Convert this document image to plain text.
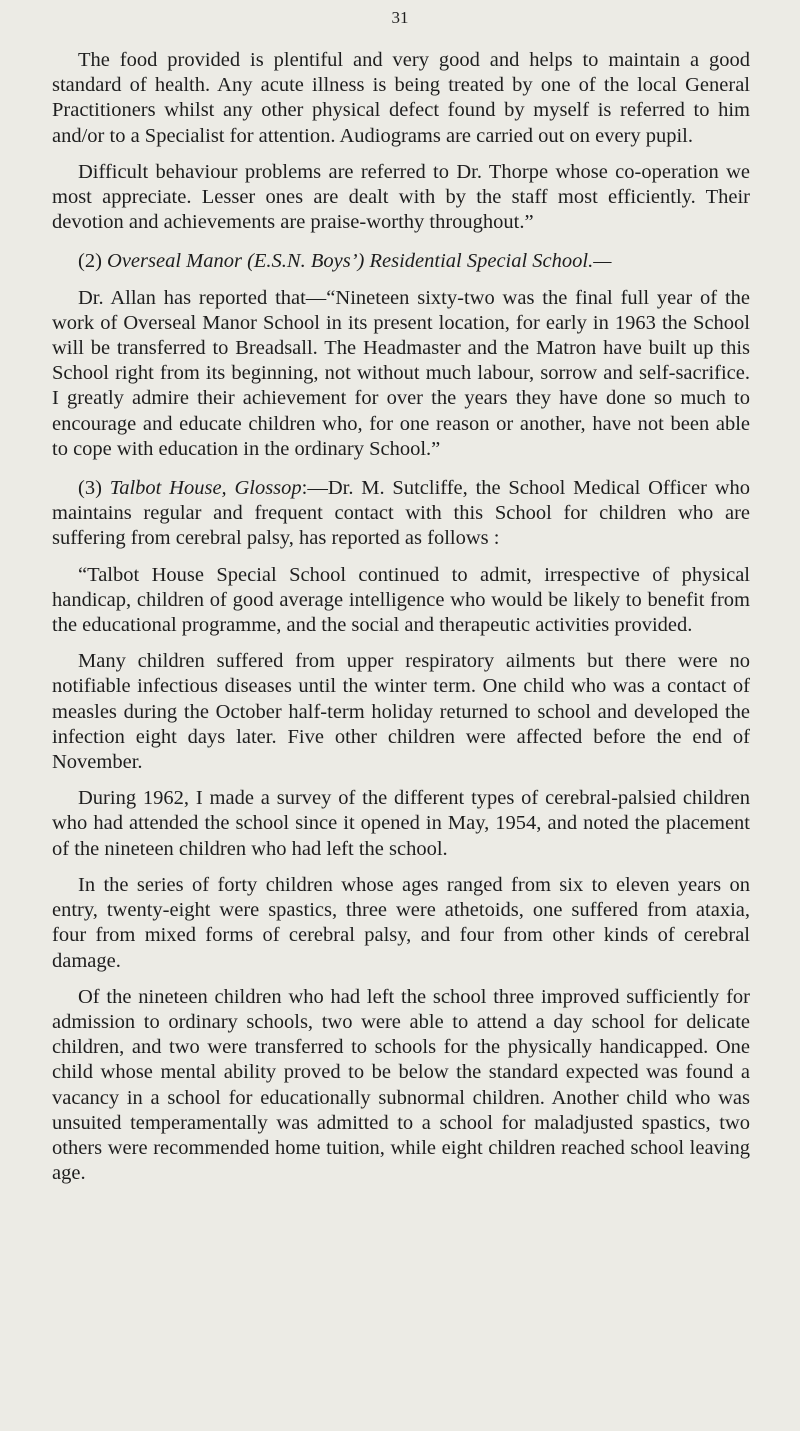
31

The food provided is plentiful and very good and helps to maintain a good standard of health. Any acute illness is being treated by one of the local General Practitioners whilst any other physical defect found by myself is referred to him and/or to a Specialist for attention. Audiograms are carried out on every pupil.

Difficult behaviour problems are referred to Dr. Thorpe whose co-operation we most appreciate. Lesser ones are dealt with by the staff most efficiently. Their devotion and achievements are praise-worthy throughout.”

(2) Overseal Manor (E.S.N. Boys’) Residential Special School.—

Dr. Allan has reported that—“Nineteen sixty-two was the final full year of the work of Overseal Manor School in its present location, for early in 1963 the School will be transferred to Breadsall. The Headmaster and the Matron have built up this School right from its beginning, not without much labour, sorrow and self-sacrifice. I greatly admire their achievement for over the years they have done so much to encourage and educate children who, for one reason or another, have not been able to cope with education in the ordinary School.”

(3) Talbot House, Glossop:—Dr. M. Sutcliffe, the School Medical Officer who maintains regular and frequent contact with this School for children who are suffering from cerebral palsy, has reported as follows :

“Talbot House Special School continued to admit, irrespective of physical handicap, children of good average intelligence who would be likely to benefit from the educational programme, and the social and therapeutic activities provided.

Many children suffered from upper respiratory ailments but there were no notifiable infectious diseases until the winter term. One child who was a contact of measles during the October half-term holiday returned to school and developed the infection eight days later. Five other children were affected before the end of November.

During 1962, I made a survey of the different types of cerebral-palsied children who had attended the school since it opened in May, 1954, and noted the placement of the nineteen children who had left the school.

In the series of forty children whose ages ranged from six to eleven years on entry, twenty-eight were spastics, three were athetoids, one suffered from ataxia, four from mixed forms of cerebral palsy, and four from other kinds of cerebral damage.

Of the nineteen children who had left the school three improved sufficiently for admission to ordinary schools, two were able to attend a day school for delicate children, and two were transferred to schools for the physically handicapped. One child whose mental ability proved to be below the standard expected was found a vacancy in a school for educationally subnormal children. Another child who was unsuited temperamentally was admitted to a school for maladjusted spastics, two others were recommended home tuition, while eight children reached school leaving age.
